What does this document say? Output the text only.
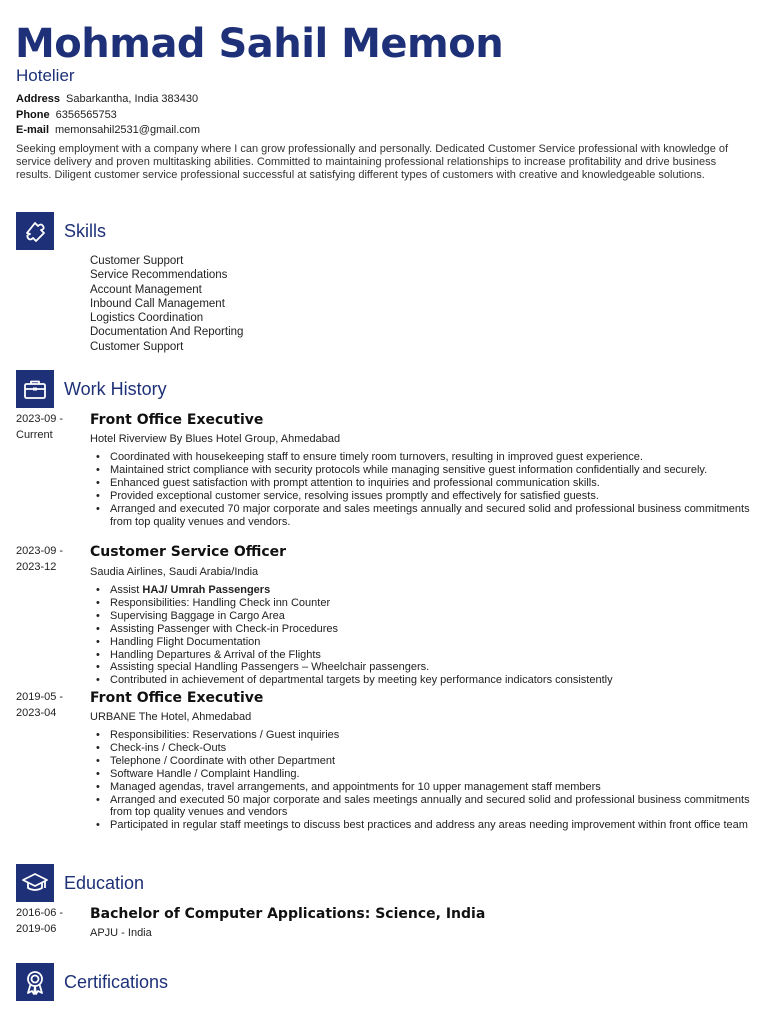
Mohmad Sahil Memon
Hotelier
Address Sabarkantha, India 383430
Phone 6356565753
E-mail memonsahil2531@gmail.com

Seeking employment with a company where I can grow professionally and personally. Dedicated Customer Service professional with knowledge of service delivery and proven multitasking abilities. Committed to maintaining professional relationships to increase profitability and drive business results. Diligent customer service professional successful at satisfying different types of customers with creative and knowledgeable solutions.

Skills
Customer Support
Service Recommendations
Account Management
Inbound Call Management
Logistics Coordination
Documentation And Reporting
Customer Support
Work History
2023-09 -
Current
Front Office Executive
Hotel Riverview By Blues Hotel Group, Ahmedabad
• Coordinated with housekeeping staff to ensure timely room turnovers, resulting in improved guest experience.
• Maintained strict compliance with security protocols while managing sensitive guest information confidentially and securely.
• Enhanced guest satisfaction with prompt attention to inquiries and professional communication skills.
• Provided exceptional customer service, resolving issues promptly and effectively for satisfied guests.
• Arranged and executed 70 major corporate and sales meetings annually and secured solid and professional business commitments from top quality venues and vendors.
2023-09 -
2023-12
Customer Service Officer
Saudia Airlines, Saudi Arabia/India
• Assist HAJ/ Umrah Passengers
• Responsibilities: Handling Check inn Counter
• Supervising Baggage in Cargo Area
• Assisting Passenger with Check-in Procedures
• Handling Flight Documentation
• Handling Departures & Arrival of the Flights
• Assisting special Handling Passengers – Wheelchair passengers.
• Contributed in achievement of departmental targets by meeting key performance indicators consistently
2019-05 -
2023-04
Front Office Executive
URBANE The Hotel, Ahmedabad
• Responsibilities: Reservations / Guest inquiries
• Check-ins / Check-Outs
• Telephone / Coordinate with other Department
• Software Handle / Complaint Handling.
• Managed agendas, travel arrangements, and appointments for 10 upper management staff members
• Arranged and executed 50 major corporate and sales meetings annually and secured solid and professional business commitments from top quality venues and vendors
• Participated in regular staff meetings to discuss best practices and address any areas needing improvement within front office team
Education
2016-06 -
2019-06
Bachelor of Computer Applications: Science, India
APJU - India
Certifications
